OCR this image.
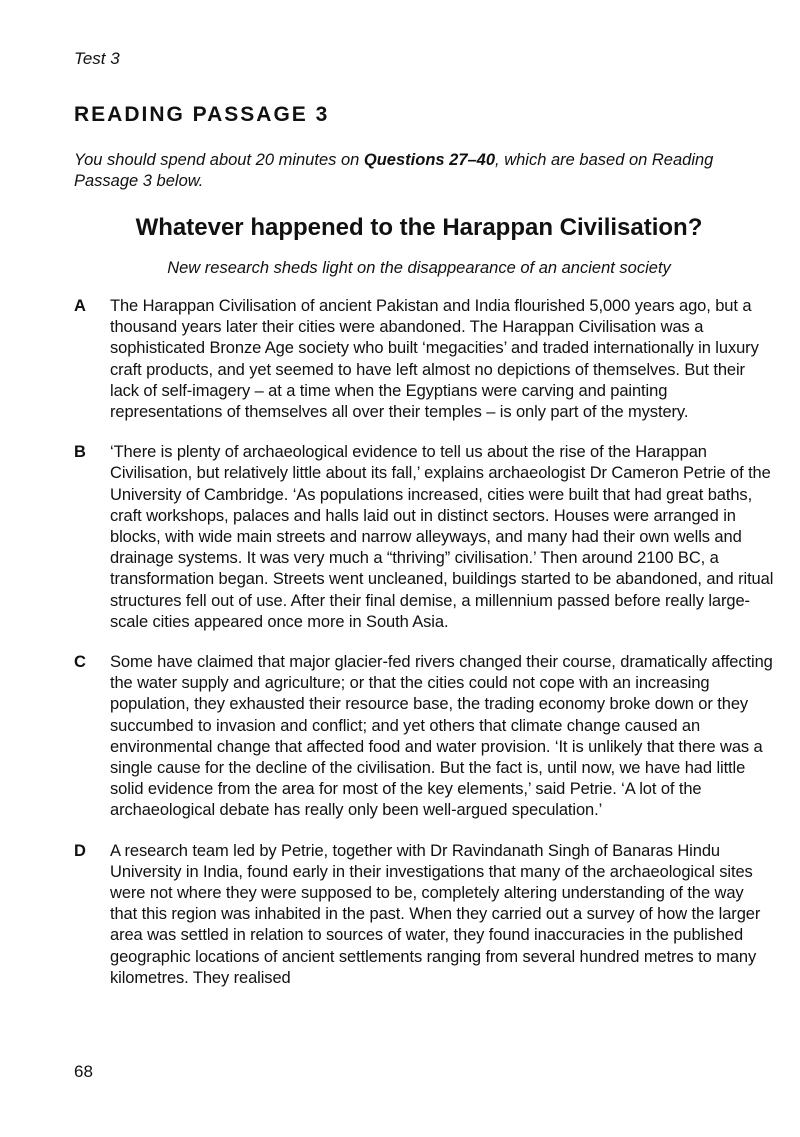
Test 3
READING PASSAGE 3
You should spend about 20 minutes on Questions 27–40, which are based on Reading Passage 3 below.
Whatever happened to the Harappan Civilisation?
New research sheds light on the disappearance of an ancient society
A	The Harappan Civilisation of ancient Pakistan and India flourished 5,000 years ago, but a thousand years later their cities were abandoned. The Harappan Civilisation was a sophisticated Bronze Age society who built ‘megacities’ and traded internationally in luxury craft products, and yet seemed to have left almost no depictions of themselves. But their lack of self-imagery – at a time when the Egyptians were carving and painting representations of themselves all over their temples – is only part of the mystery.
B	‘There is plenty of archaeological evidence to tell us about the rise of the Harappan Civilisation, but relatively little about its fall,’ explains archaeologist Dr Cameron Petrie of the University of Cambridge. ‘As populations increased, cities were built that had great baths, craft workshops, palaces and halls laid out in distinct sectors. Houses were arranged in blocks, with wide main streets and narrow alleyways, and many had their own wells and drainage systems. It was very much a “thriving” civilisation.’ Then around 2100 BC, a transformation began. Streets went uncleaned, buildings started to be abandoned, and ritual structures fell out of use. After their final demise, a millennium passed before really large-scale cities appeared once more in South Asia.
C	Some have claimed that major glacier-fed rivers changed their course, dramatically affecting the water supply and agriculture; or that the cities could not cope with an increasing population, they exhausted their resource base, the trading economy broke down or they succumbed to invasion and conflict; and yet others that climate change caused an environmental change that affected food and water provision. ‘It is unlikely that there was a single cause for the decline of the civilisation. But the fact is, until now, we have had little solid evidence from the area for most of the key elements,’ said Petrie. ‘A lot of the archaeological debate has really only been well-argued speculation.’
D	A research team led by Petrie, together with Dr Ravindanath Singh of Banaras Hindu University in India, found early in their investigations that many of the archaeological sites were not where they were supposed to be, completely altering understanding of the way that this region was inhabited in the past. When they carried out a survey of how the larger area was settled in relation to sources of water, they found inaccuracies in the published geographic locations of ancient settlements ranging from several hundred metres to many kilometres. They realised
68
